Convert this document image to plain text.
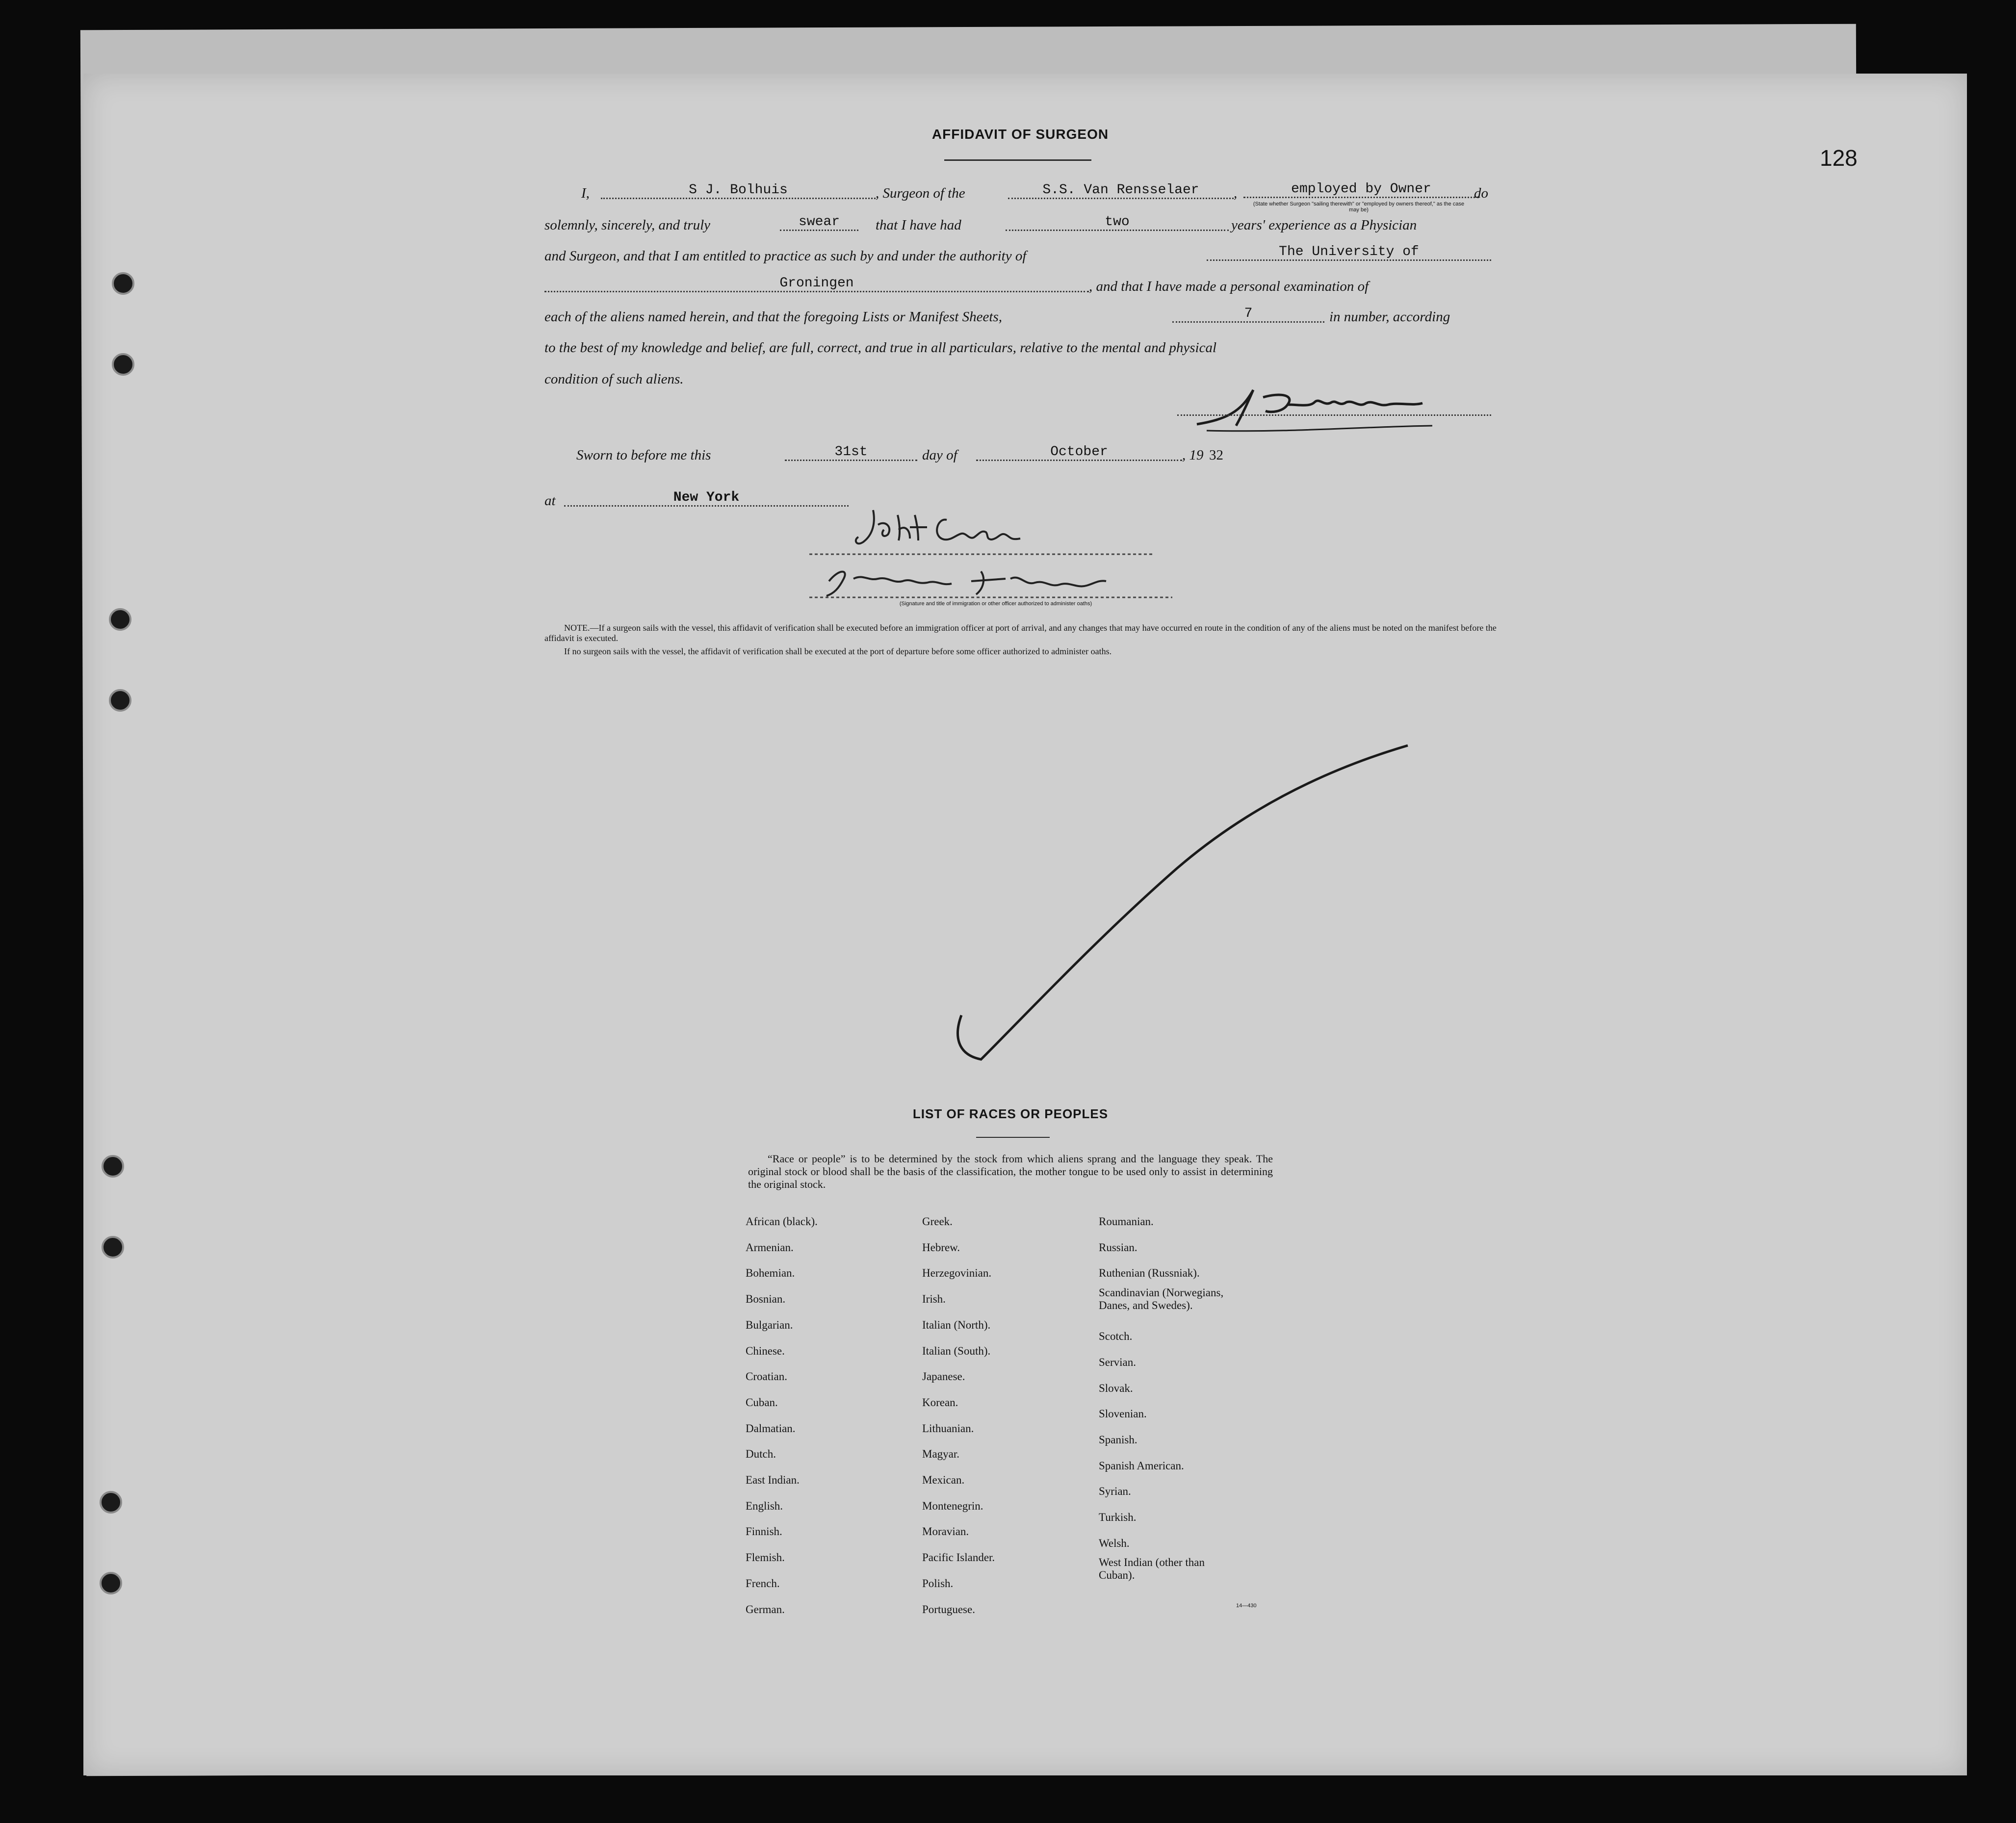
128
AFFIDAVIT OF SURGEON
I,	S J. Bolhuis	, Surgeon of the	S.S. Van Rensselaer	,	employed by Owner	do
(State whether Surgeon "sailing therewith" or "employed by owners thereof," as the case may be)
solemnly, sincerely, and truly	swear	that I have had	two	years' experience as a Physician
and Surgeon, and that I am entitled to practice as such by and under the authority of	The University of
Groningen	, and that I have made a personal examination of
each of the aliens named herein, and that the foregoing Lists or Manifest Sheets,	7	in number, according
to the best of my knowledge and belief, are full, correct, and true in all particulars, relative to the mental and physical
condition of such aliens.
Sworn to before me this	31st	day of	October	, 19 32
at	New York
(Signature and title of immigration or other officer authorized to administer oaths)
NOTE.—If a surgeon sails with the vessel, this affidavit of verification shall be executed before an immigration officer at port of arrival, and any changes that may have occurred en route in the condition of any of the aliens must be noted on the manifest before the affidavit is executed.
If no surgeon sails with the vessel, the affidavit of verification shall be executed at the port of departure before some officer authorized to administer oaths.
LIST OF RACES OR PEOPLES
“Race or people” is to be determined by the stock from which aliens sprang and the language they speak. The original stock or blood shall be the basis of the classification, the mother tongue to be used only to assist in determining the original stock.
African (black).
Armenian.
Bohemian.
Bosnian.
Bulgarian.
Chinese.
Croatian.
Cuban.
Dalmatian.
Dutch.
East Indian.
English.
Finnish.
Flemish.
French.
German.
Greek.
Hebrew.
Herzegovinian.
Irish.
Italian (North).
Italian (South).
Japanese.
Korean.
Lithuanian.
Magyar.
Mexican.
Montenegrin.
Moravian.
Pacific Islander.
Polish.
Portuguese.
Roumanian.
Russian.
Ruthenian (Russniak).
Scandinavian (Norwegians,
Danes, and Swedes).
Scotch.
Servian.
Slovak.
Slovenian.
Spanish.
Spanish American.
Syrian.
Turkish.
Welsh.
West Indian (other than
Cuban).
14—430
